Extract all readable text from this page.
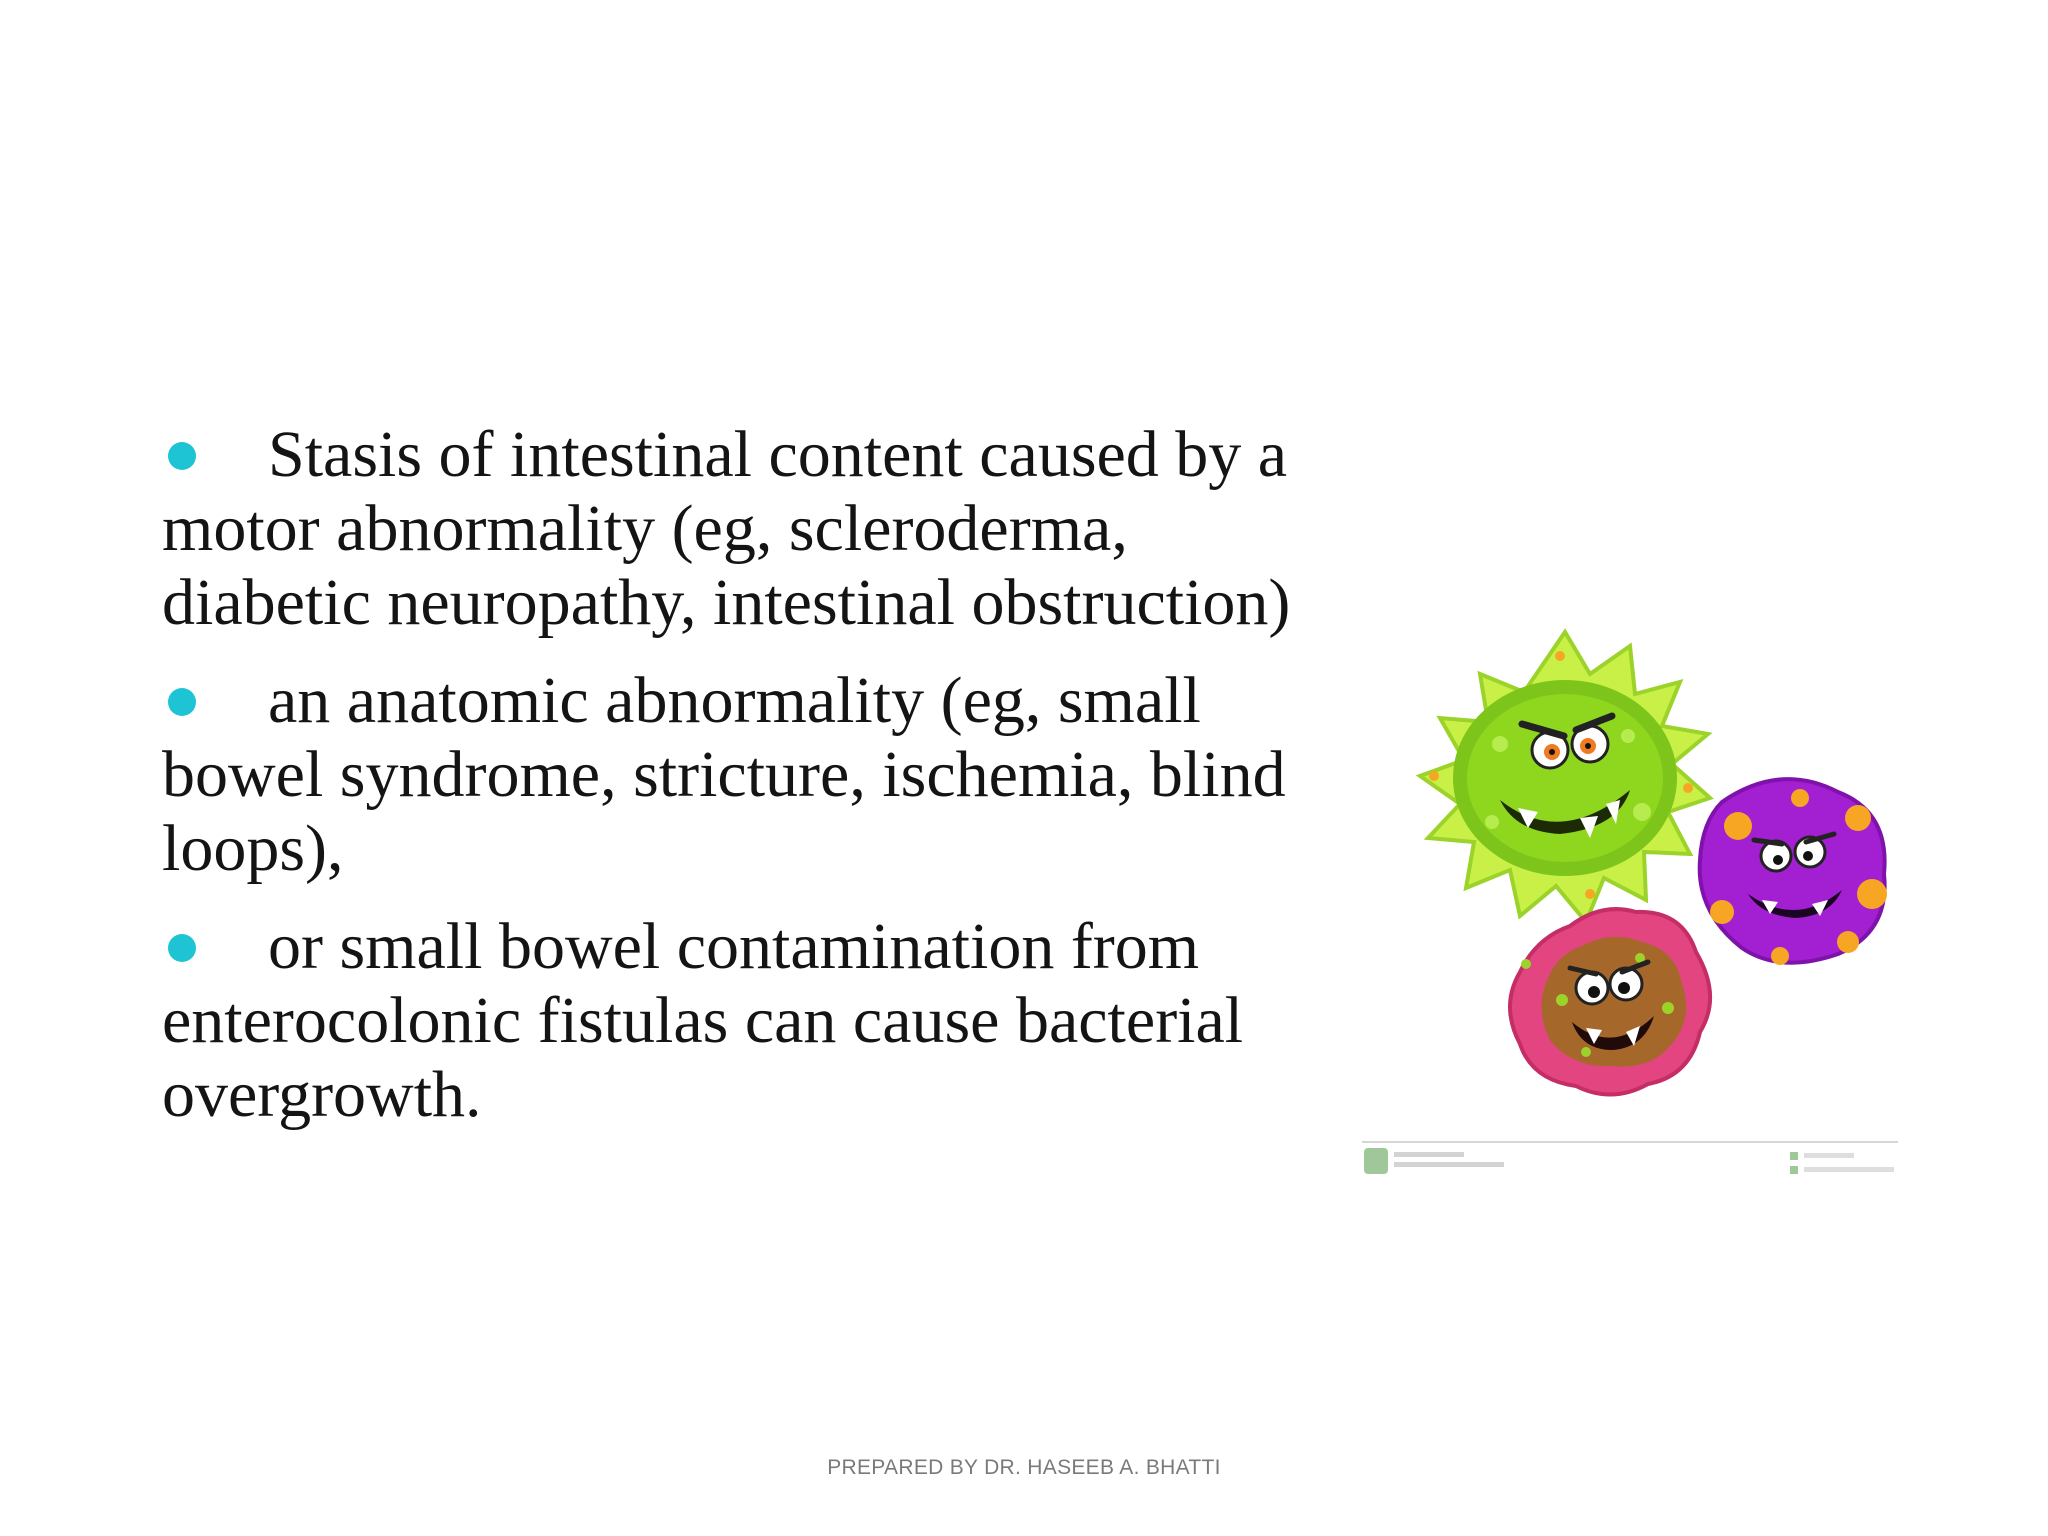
Stasis of intestinal content caused by a motor abnormality (eg, scleroderma, diabetic neuropathy, intestinal obstruction)
an anatomic abnormality (eg, small bowel syndrome, stricture, ischemia, blind loops),
or small bowel contamination from enterocolonic fistulas can cause bacterial overgrowth.
PREPARED BY DR. HASEEB A. BHATTI
